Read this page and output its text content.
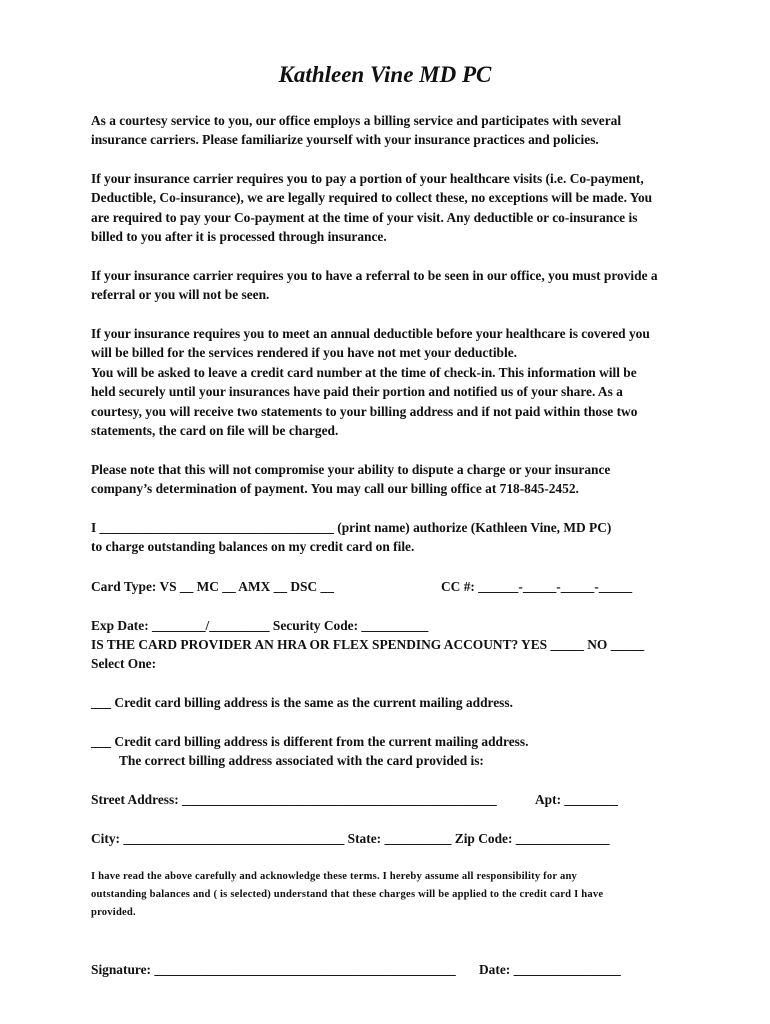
Kathleen Vine MD PC
As a courtesy service to you, our office employs a billing service and participates with several
insurance carriers. Please familiarize yourself with your insurance practices and policies.
If your insurance carrier requires you to pay a portion of your healthcare visits (i.e. Co-payment,
Deductible, Co-insurance), we are legally required to collect these, no exceptions will be made. You
are required to pay your Co-payment at the time of your visit. Any deductible or co-insurance is
billed to you after it is processed through insurance.
If your insurance carrier requires you to have a referral to be seen in our office, you must provide a
referral or you will not be seen.
If your insurance requires you to meet an annual deductible before your healthcare is covered you
will be billed for the services rendered if you have not met your deductible.
You will be asked to leave a credit card number at the time of check-in. This information will be
held securely until your insurances have paid their portion and notified us of your share. As a
courtesy, you will receive two statements to your billing address and if not paid within those two
statements, the card on file will be charged.
Please note that this will not compromise your ability to dispute a charge or your insurance
company’s determination of payment. You may call our billing office at 718-845-2452.
I ___________________________________ (print name) authorize (Kathleen Vine, MD PC)
to charge outstanding balances on my credit card on file.
Card Type: VS __ MC __ AMX __ DSC __	CC #: ______-_____-_____-_____
Exp Date: ________/_________ Security Code: __________
IS THE CARD PROVIDER AN HRA OR FLEX SPENDING ACCOUNT? YES _____ NO _____
Select One:
___ Credit card billing address is the same as the current mailing address.
___ Credit card billing address is different from the current mailing address.
The correct billing address associated with the card provided is:
Street Address: _______________________________________________	Apt: ________
City: _________________________________ State: __________ Zip Code: ______________
I have read the above carefully and acknowledge these terms. I hereby assume all responsibility for any
outstanding balances and ( is selected) understand that these charges will be applied to the credit card I have
provided.
Signature: _____________________________________________	Date: ________________
